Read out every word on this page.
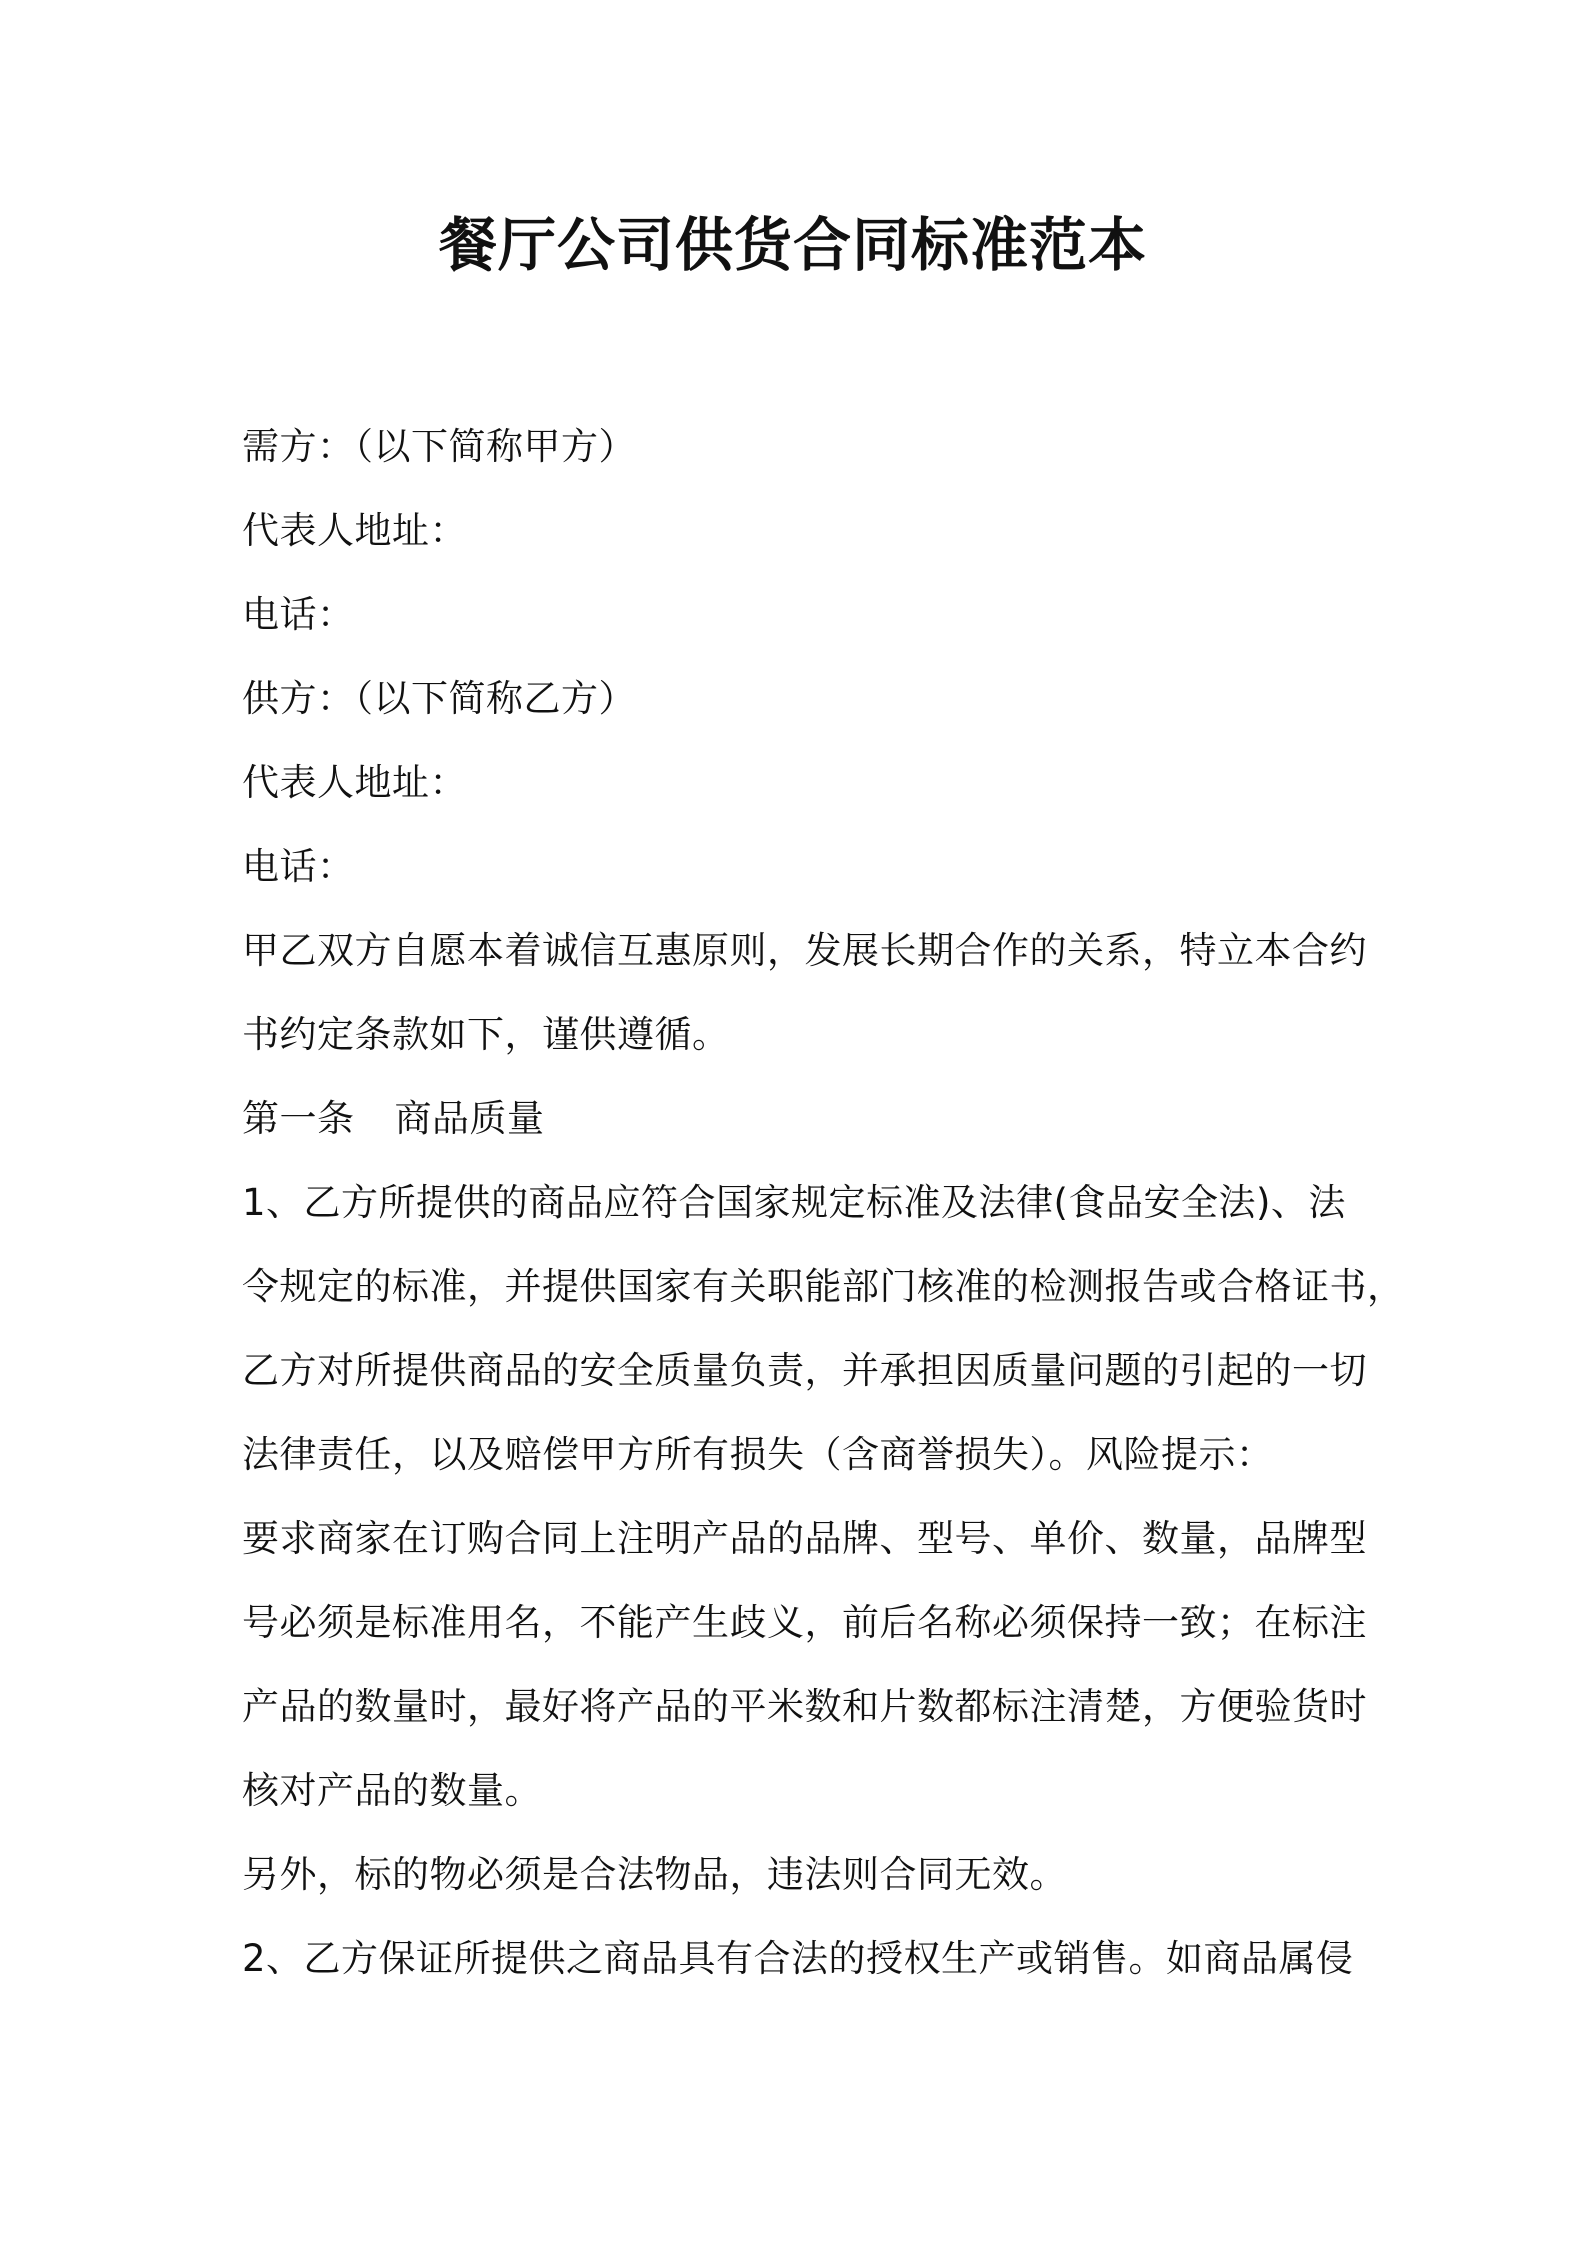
餐厅公司供货合同标准范本
需方：（以下简称甲方）
代表人地址：
电话：
供方：（以下简称乙方）
代表人地址：
电话：
甲乙双方自愿本着诚信互惠原则，发展长期合作的关系，特立本合约
书约定条款如下，谨供遵循。
第一条 商品质量
1、乙方所提供的商品应符合国家规定标准及法律(食品安全法)、法
令规定的标准，并提供国家有关职能部门核准的检测报告或合格证书，
乙方对所提供商品的安全质量负责，并承担因质量问题的引起的一切
法律责任，以及赔偿甲方所有损失（含商誉损失）。风险提示：
要求商家在订购合同上注明产品的品牌、型号、单价、数量，品牌型
号必须是标准用名，不能产生歧义，前后名称必须保持一致；在标注
产品的数量时，最好将产品的平米数和片数都标注清楚，方便验货时
核对产品的数量。
另外，标的物必须是合法物品，违法则合同无效。
2、乙方保证所提供之商品具有合法的授权生产或销售。如商品属侵
